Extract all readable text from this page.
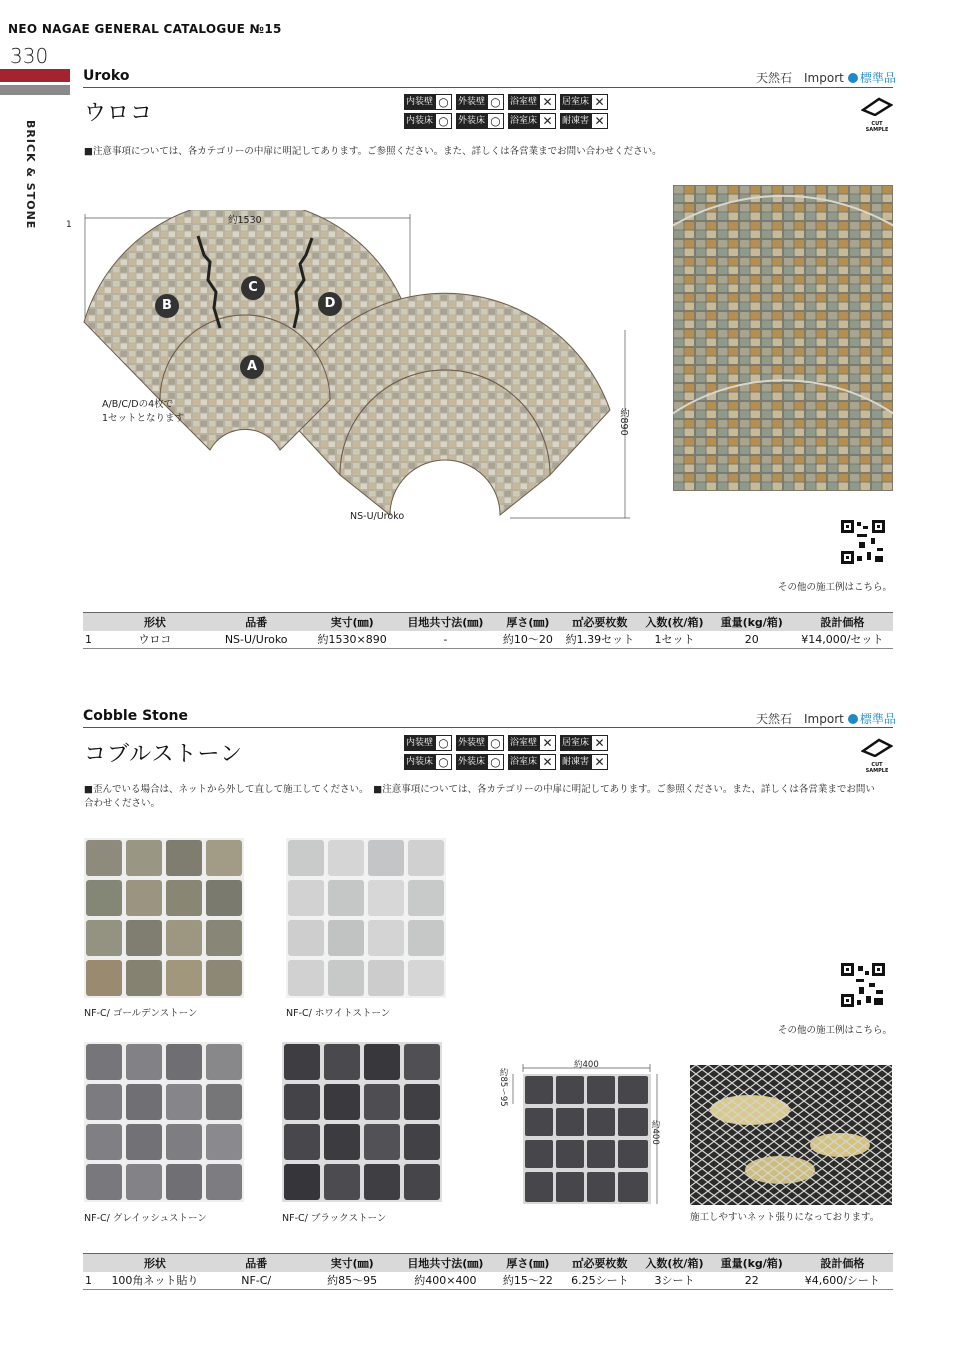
NEO NAGAE GENERAL CATALOGUE №15
330
BRICK & STONE
Uroko	天然石　Import 標準品
ウロコ	内装壁 ○	外装壁 ○	浴室壁 ✕	居室床 ✕
内装床 ○	外装床 ○	浴室床 ✕	耐凍害 ✕	CUT SAMPLE
■注意事項については、各カテゴリーの中扉に明記してあります。ご参照ください。また、詳しくは各営業までお問い合わせください。
1
B
C
D
A
約1530
約890
A/B/C/Dの4枚で
1セットとなります
NS-U/Uroko
その他の施工例はこちら。
	形状	品番	実寸(㎜)	目地共寸法(㎜)	厚さ(㎜)	㎡必要枚数	入数(枚/箱)	重量(kg/箱)	設計価格
1	ウロコ	NS-U/Uroko	約1530×890	-	約10～20	約1.39セット	1セット	20	¥14,000/セット
Cobble Stone	天然石　Import 標準品
コブルストーン	内装壁 ○	外装壁 ○	浴室壁 ✕	居室床 ✕
内装床 ○	外装床 ○	浴室床 ✕	耐凍害 ✕	CUT SAMPLE
■歪んでいる場合は、ネットから外して直して施工してください。　■注意事項については、各カテゴリーの中扉に明記してあります。ご参照ください。また、詳しくは各営業までお問い
合わせください。
NF-C/ ゴールデンストーン	NF-C/ ホワイトストーン
NF-C/ グレイッシュストーン	NF-C/ ブラックストーン
約400
約400
約85～95
施工しやすいネット張りになっております。
その他の施工例はこちら。
	形状	品番	実寸(㎜)	目地共寸法(㎜)	厚さ(㎜)	㎡必要枚数	入数(枚/箱)	重量(kg/箱)	設計価格
1	100角ネット貼り	NF-C/	約85～95	約400×400	約15～22	6.25シート	3シート	22	¥4,600/シート
